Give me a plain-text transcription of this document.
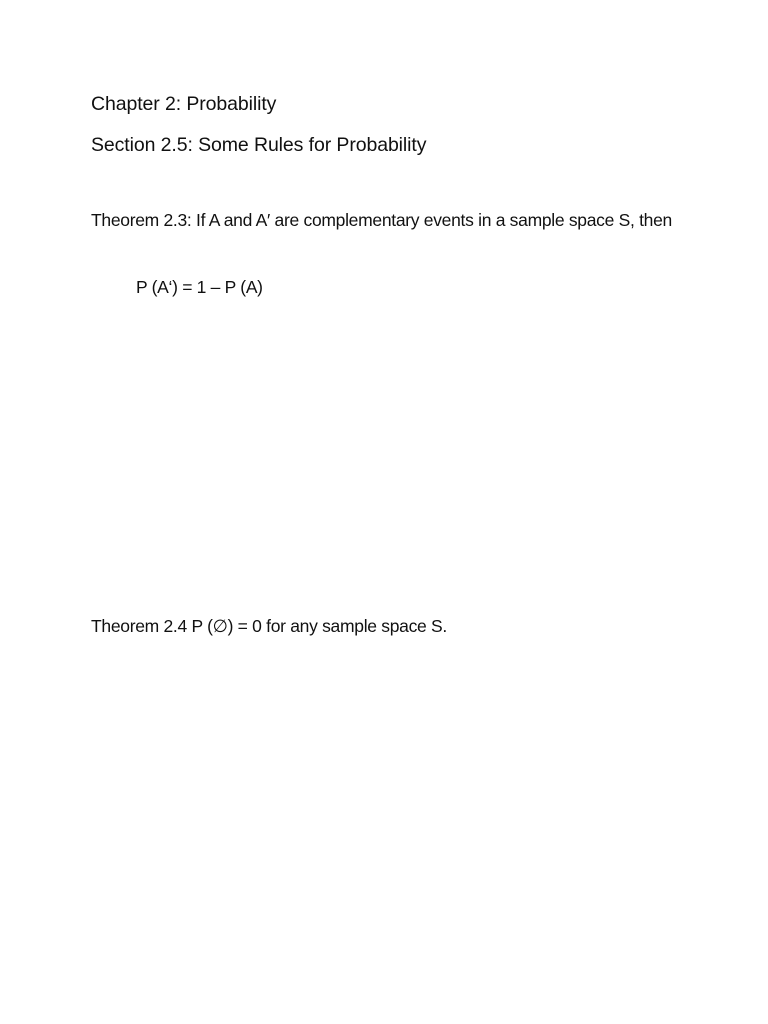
Chapter 2: Probability
Section 2.5: Some Rules for Probability

Theorem 2.3: If A and A′ are complementary events in a sample space S, then

P (A‘) = 1 – P (A)

Theorem 2.4 P (∅) = 0 for any sample space S.
